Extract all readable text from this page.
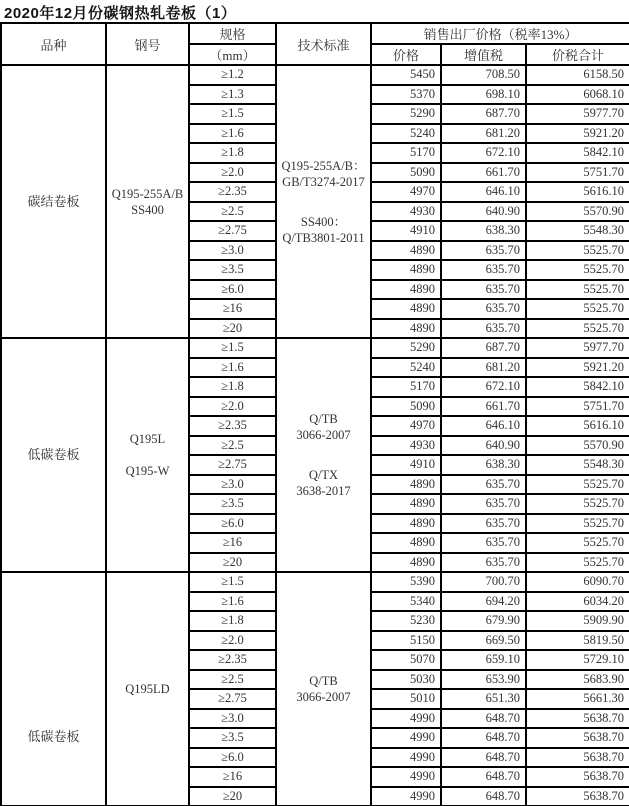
2020年12月份碳钢热轧卷板（1）
品种	钢号	规格	技术标准	销售出厂价格（税率13%）		
		（mm）		价格	增值税	价税合计

碳结卷板	Q195-255A/B
SS400
	≥1.2	
Q195-255A/B：
GB/T3274-2017
SS400：
Q/TB3801-2011
	5450	708.50	6158.50
		≥1.3		5370	698.10	6068.10
		≥1.5		5290	687.70	5977.70
		≥1.6		5240	681.20	5921.20
		≥1.8		5170	672.10	5842.10
		≥2.0		5090	661.70	5751.70
		≥2.35		4970	646.10	5616.10
		≥2.5		4930	640.90	5570.90
		≥2.75		4910	638.30	5548.30
		≥3.0		4890	635.70	5525.70
		≥3.5		4890	635.70	5525.70
		≥6.0		4890	635.70	5525.70
		≥16		4890	635.70	5525.70
		≥20		4890	635.70	5525.70

低碳卷板

Q195L
Q195-W
	≥1.5	
Q/TB
3066-2007
Q/TX
3638-2017
	5290	687.70	5977.70
		≥1.6		5240	681.20	5921.20
		≥1.8		5170	672.10	5842.10
		≥2.0		5090	661.70	5751.70
		≥2.35		4970	646.10	5616.10
		≥2.5		4930	640.90	5570.90
		≥2.75		4910	638.30	5548.30
		≥3.0		4890	635.70	5525.70
		≥3.5		4890	635.70	5525.70
		≥6.0		4890	635.70	5525.70
		≥16		4890	635.70	5525.70
		≥20		4890	635.70	5525.70

低碳卷板	Q195LD	≥1.5	Q/TB
3066-2007	5390	700.70	6090.70
		≥1.6		5340	694.20	6034.20
		≥1.8		5230	679.90	5909.90
		≥2.0		5150	669.50	5819.50
		≥2.35		5070	659.10	5729.10
		≥2.5		5030	653.90	5683.90
		≥2.75		5010	651.30	5661.30
		≥3.0		4990	648.70	5638.70
		≥3.5		4990	648.70	5638.70
		≥6.0		4990	648.70	5638.70
		≥16		4990	648.70	5638.70
		≥20		4990	648.70	5638.70
